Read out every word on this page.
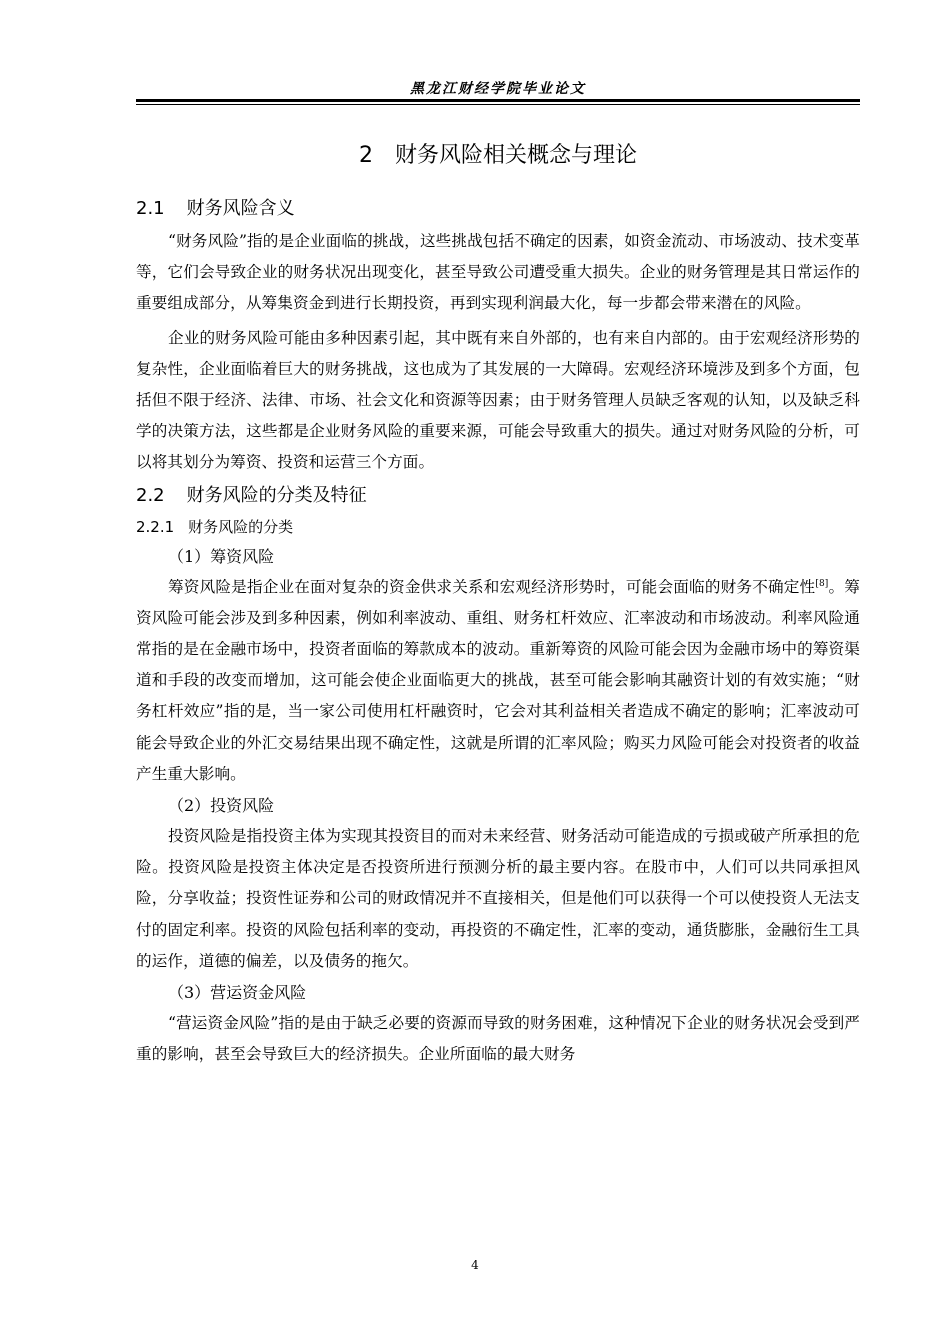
黑龙江财经学院毕业论文
2 财务风险相关概念与理论
2.1 财务风险含义

“财务风险”指的是企业面临的挑战，这些挑战包括不确定的因素，如资金流动、市场波动、技术变革等，它们会导致企业的财务状况出现变化，甚至导致公司遭受重大损失。企业的财务管理是其日常运作的重要组成部分，从筹集资金到进行长期投资，再到实现利润最大化，每一步都会带来潜在的风险。

企业的财务风险可能由多种因素引起，其中既有来自外部的，也有来自内部的。由于宏观经济形势的复杂性，企业面临着巨大的财务挑战，这也成为了其发展的一大障碍。宏观经济环境涉及到多个方面，包括但不限于经济、法律、市场、社会文化和资源等因素；由于财务管理人员缺乏客观的认知，以及缺乏科学的决策方法，这些都是企业财务风险的重要来源，可能会导致重大的损失。通过对财务风险的分析，可以将其划分为筹资、投资和运营三个方面。

2.2 财务风险的分类及特征
2.2.1 财务风险的分类
（1）筹资风险

筹资风险是指企业在面对复杂的资金供求关系和宏观经济形势时，可能会面临的财务不确定性[8]。筹资风险可能会涉及到多种因素，例如利率波动、重组、财务杠杆效应、汇率波动和市场波动。利率风险通常指的是在金融市场中，投资者面临的筹款成本的波动。重新筹资的风险可能会因为金融市场中的筹资渠道和手段的改变而增加，这可能会使企业面临更大的挑战，甚至可能会影响其融资计划的有效实施；“财务杠杆效应”指的是，当一家公司使用杠杆融资时，它会对其利益相关者造成不确定的影响；汇率波动可能会导致企业的外汇交易结果出现不确定性，这就是所谓的汇率风险；购买力风险可能会对投资者的收益产生重大影响。

（2）投资风险

投资风险是指投资主体为实现其投资目的而对未来经营、财务活动可能造成的亏损或破产所承担的危险。投资风险是投资主体决定是否投资所进行预测分析的最主要内容。在股市中，人们可以共同承担风险，分享收益；投资性证券和公司的财政情况并不直接相关，但是他们可以获得一个可以使投资人无法支付的固定利率。投资的风险包括利率的变动，再投资的不确定性，汇率的变动，通货膨胀，金融衍生工具的运作，道德的偏差，以及债务的拖欠。

（3）营运资金风险

“营运资金风险”指的是由于缺乏必要的资源而导致的财务困难，这种情况下企业的财务状况会受到严重的影响，甚至会导致巨大的经济损失。企业所面临的最大财务

4
